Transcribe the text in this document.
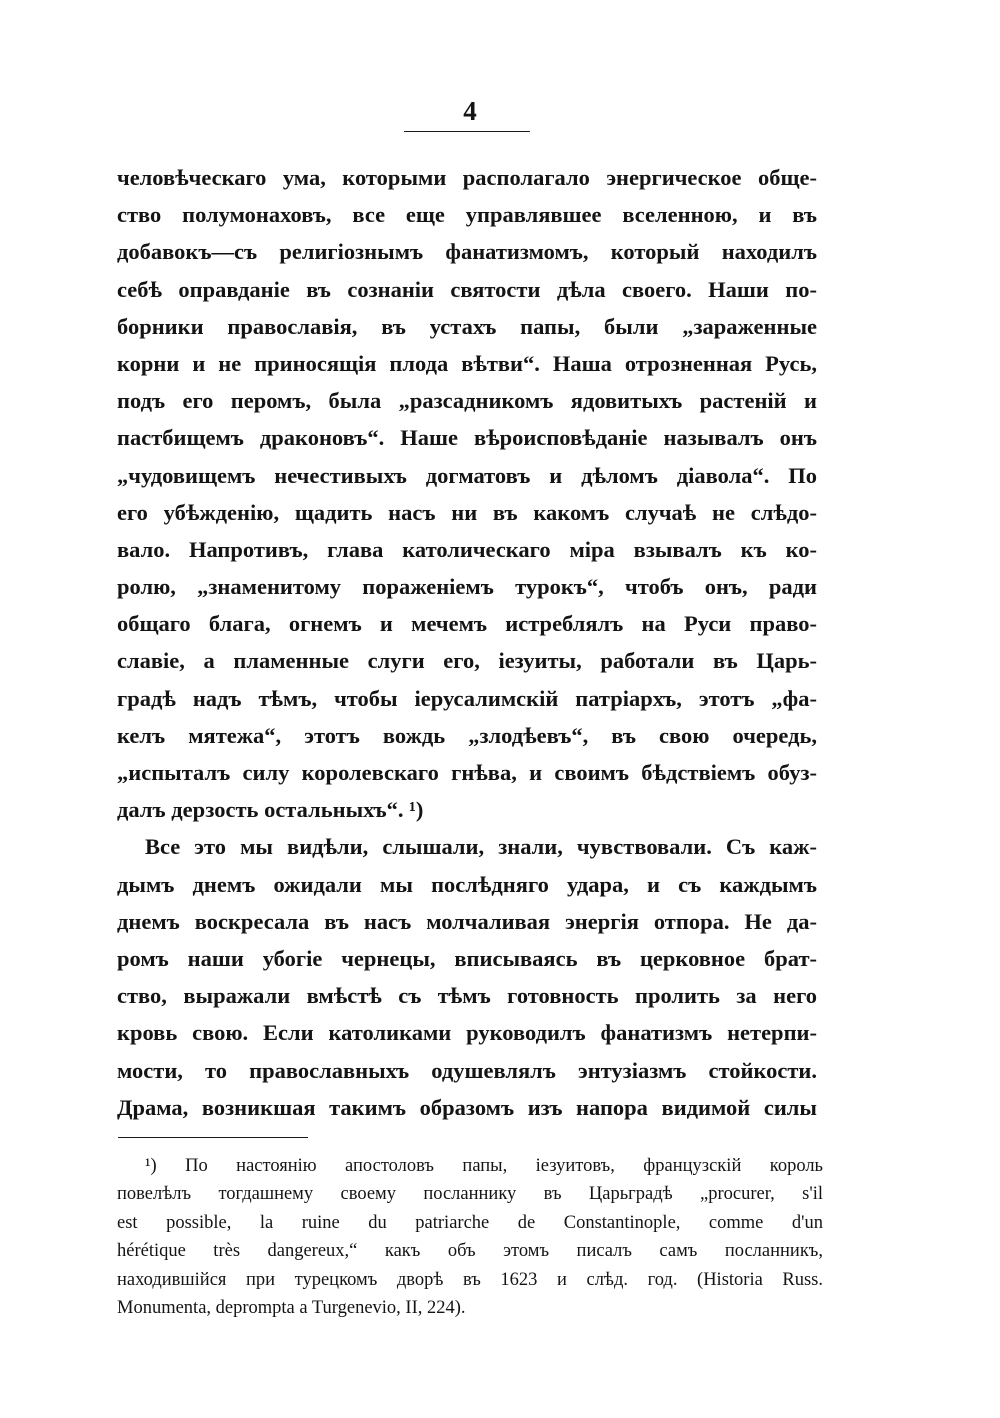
4
человѣческаго ума, которыми располагало энергическое обще-
ство полумонаховъ, все еще управлявшее вселенною, и въ
добавокъ—съ религіознымъ фанатизмомъ, который находилъ
себѣ оправданіе въ сознаніи святости дѣла своего. Наши по-
борники православія, въ устахъ папы, были „зараженные
корни и не приносящія плода вѣтви“. Наша отрозненная Русь,
подъ его перомъ, была „разсадникомъ ядовитыхъ растеній и
пастбищемъ драконовъ“. Наше вѣроисповѣданіе называлъ онъ
„чудовищемъ нечестивыхъ догматовъ и дѣломъ діавола“. По
его убѣжденію, щадить насъ ни въ какомъ случаѣ не слѣдо-
вало. Напротивъ, глава католическаго міра взывалъ къ ко-
ролю, „знаменитому пораженіемъ турокъ“, чтобъ онъ, ради
общаго блага, огнемъ и мечемъ истреблялъ на Руси право-
славіе, а пламенные слуги его, іезуиты, работали въ Царь-
градѣ надъ тѣмъ, чтобы іерусалимскій патріархъ, этотъ „фа-
келъ мятежа“, этотъ вождь „злодѣевъ“, въ свою очередь,
„испыталъ силу королевскаго гнѣва, и своимъ бѣдствіемъ обуз-
далъ дерзость остальныхъ“. ¹)
Все это мы видѣли, слышали, знали, чувствовали. Съ каж-
дымъ днемъ ожидали мы послѣдняго удара, и съ каждымъ
днемъ воскресала въ насъ молчаливая энергія отпора. Не да-
ромъ наши убогіе чернецы, вписываясь въ церковное брат-
ство, выражали вмѣстѣ съ тѣмъ готовность пролить за него
кровь свою. Если католиками руководилъ фанатизмъ нетерпи-
мости, то православныхъ одушевлялъ энтузіазмъ стойкости.
Драма, возникшая такимъ образомъ изъ напора видимой силы
¹) По настоянію апостоловъ папы, іезуитовъ, французскій король
повелѣлъ тогдашнему своему посланнику въ Царьградѣ „procurer, s'il
est possible, la ruine du patriarche de Constantinople, comme d'un
hérétique très dangereux,“ какъ объ этомъ писалъ самъ посланникъ,
находившійся при турецкомъ дворѣ въ 1623 и слѣд. год. (Historia Russ.
Monumenta, deprompta a Turgenevio, II, 224).
